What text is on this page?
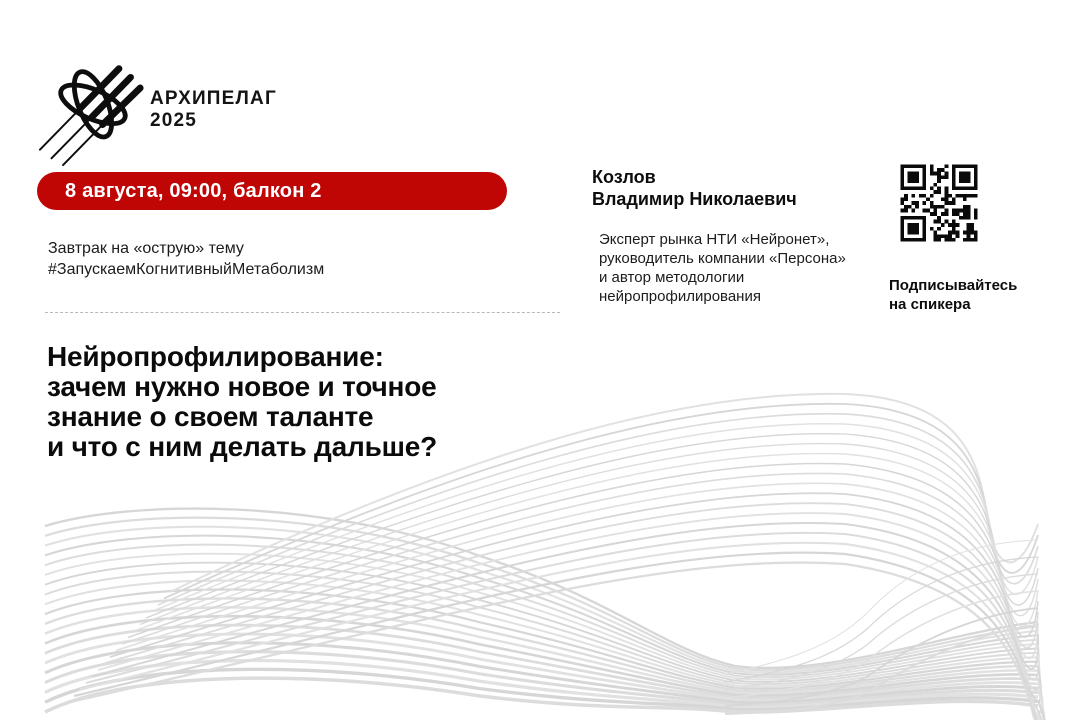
АРХИПЕЛАГ
2025
8 августа, 09:00, балкон 2
Завтрак на «острую» тему
#ЗапускаемКогнитивныйМетаболизм
Нейропрофилирование:
зачем нужно новое и точное
знание о своем таланте
и что с ним делать дальше?
Козлов
Владимир Николаевич
Эксперт рынка НТИ «Нейронет»,
руководитель компании «Персона»
и автор методологии
нейропрофилирования
Подписывайтесь
на спикера
